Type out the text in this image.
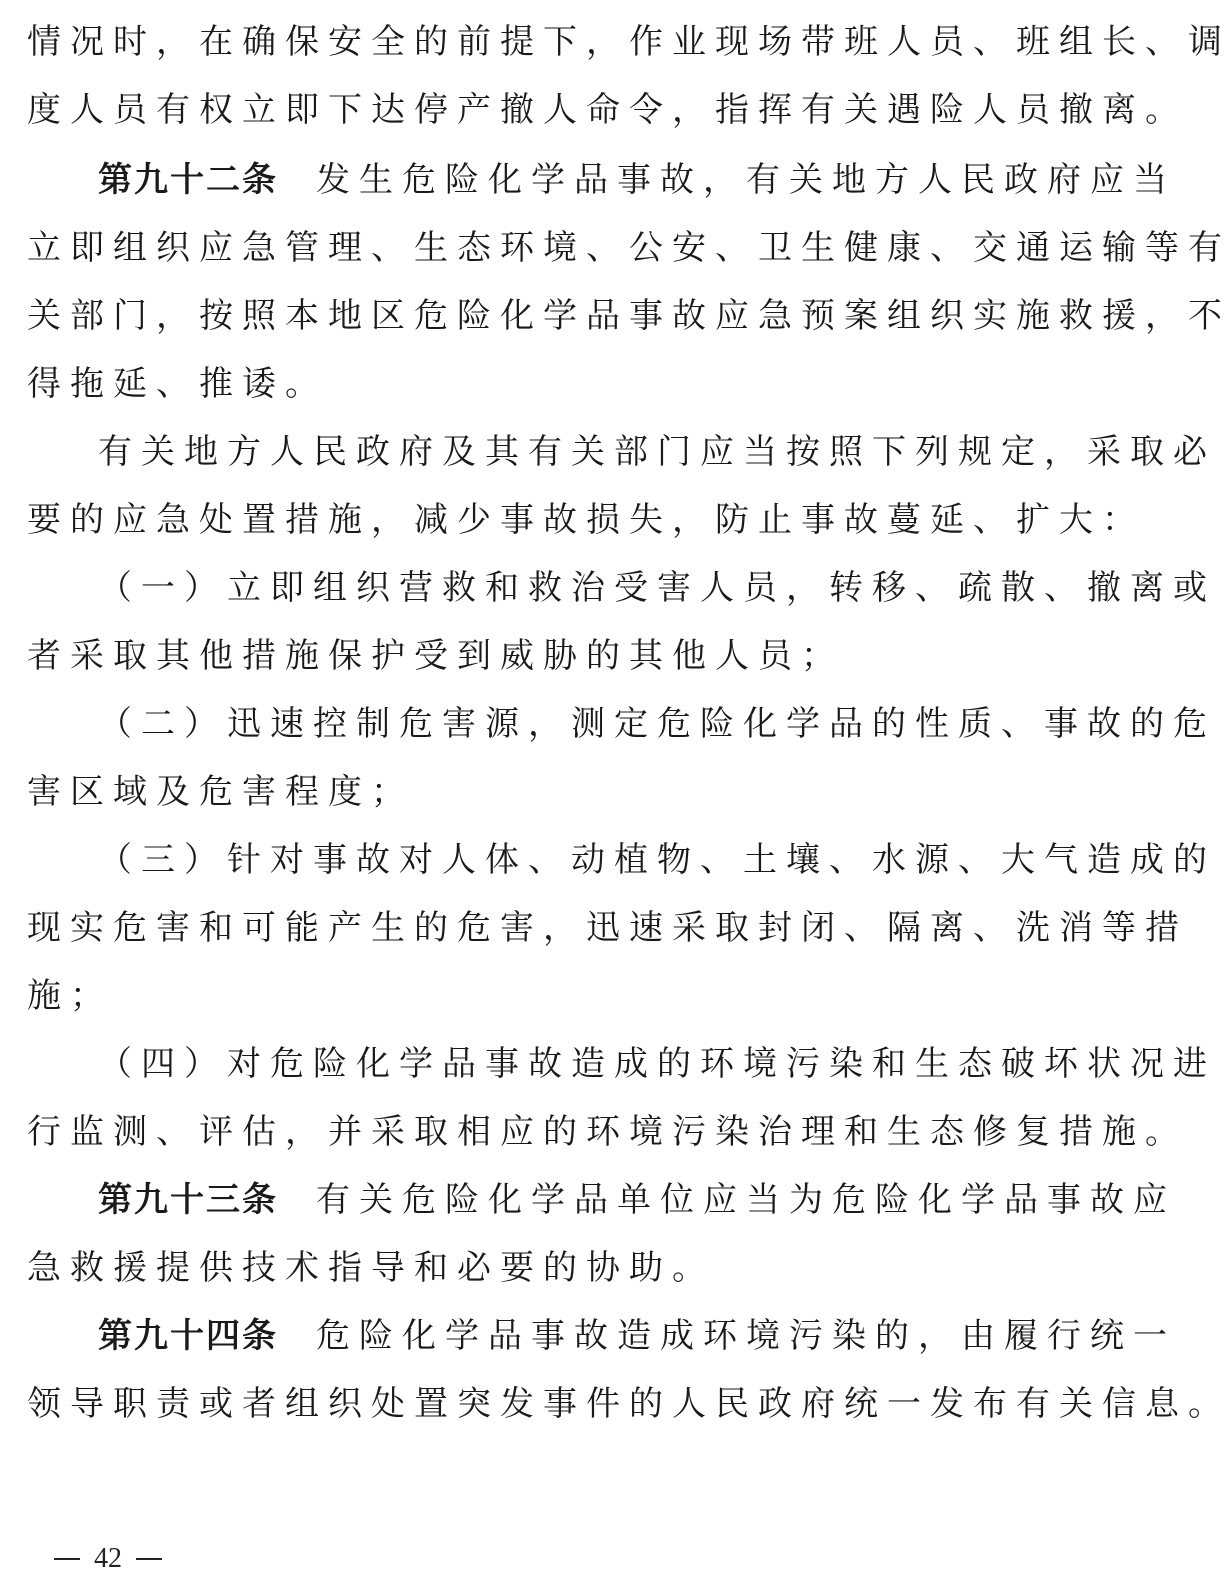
情况时，在确保安全的前提下，作业现场带班人员、班组长、调
度人员有权立即下达停产撤人命令，指挥有关遇险人员撤离。
第九十二条 发生危险化学品事故，有关地方人民政府应当
立即组织应急管理、生态环境、公安、卫生健康、交通运输等有
关部门，按照本地区危险化学品事故应急预案组织实施救援，不
得拖延、推诿。
有关地方人民政府及其有关部门应当按照下列规定，采取必
要的应急处置措施，减少事故损失，防止事故蔓延、扩大：
（一）立即组织营救和救治受害人员，转移、疏散、撤离或
者采取其他措施保护受到威胁的其他人员；
（二）迅速控制危害源，测定危险化学品的性质、事故的危
害区域及危害程度；
（三）针对事故对人体、动植物、土壤、水源、大气造成的
现实危害和可能产生的危害，迅速采取封闭、隔离、洗消等措
施；
（四）对危险化学品事故造成的环境污染和生态破坏状况进
行监测、评估，并采取相应的环境污染治理和生态修复措施。
第九十三条 有关危险化学品单位应当为危险化学品事故应
急救援提供技术指导和必要的协助。
第九十四条 危险化学品事故造成环境污染的，由履行统一
领导职责或者组织处置突发事件的人民政府统一发布有关信息。
42
